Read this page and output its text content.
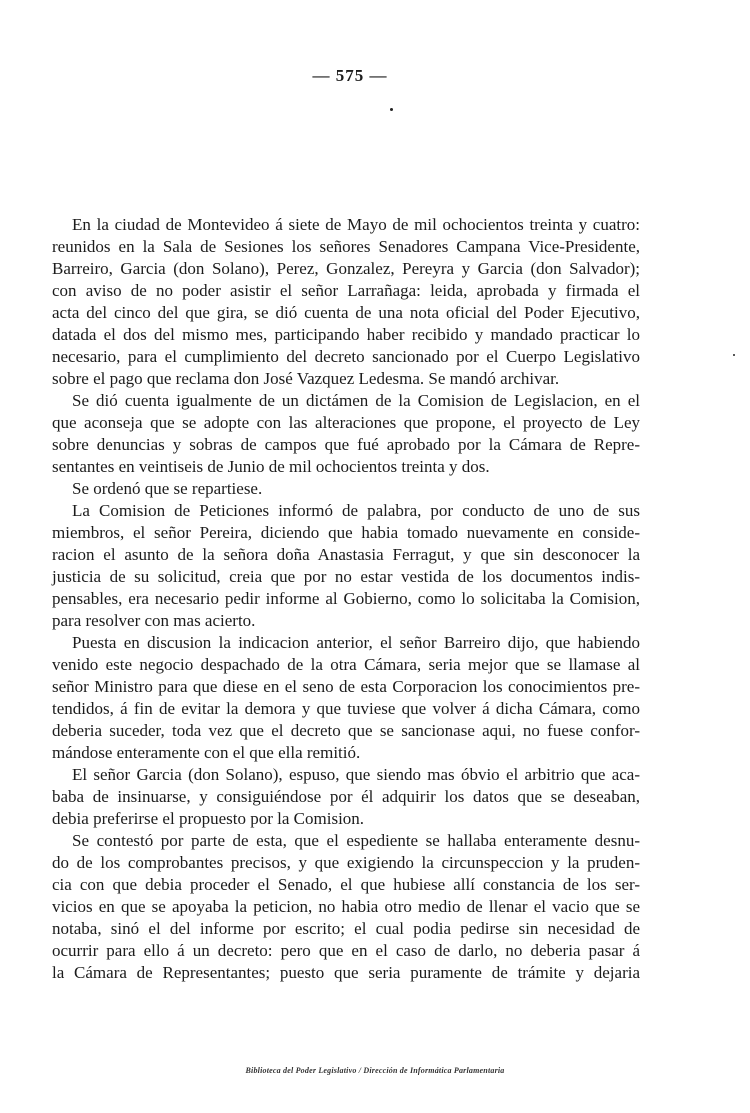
— 575 —
En la ciudad de Montevideo á siete de Mayo de mil ochocientos treinta y cuatro:
reunidos en la Sala de Sesiones los señores Senadores Campana Vice-Presidente,
Barreiro, Garcia (don Solano), Perez, Gonzalez, Pereyra y Garcia (don Salvador);
con aviso de no poder asistir el señor Larrañaga: leida, aprobada y firmada el
acta del cinco del que gira, se dió cuenta de una nota oficial del Poder Ejecutivo,
datada el dos del mismo mes, participando haber recibido y mandado practicar lo
necesario, para el cumplimiento del decreto sancionado por el Cuerpo Legislativo
sobre el pago que reclama don José Vazquez Ledesma. Se mandó archivar.
Se dió cuenta igualmente de un dictámen de la Comision de Legislacion, en el
que aconseja que se adopte con las alteraciones que propone, el proyecto de Ley
sobre denuncias y sobras de campos que fué aprobado por la Cámara de Repre-
sentantes en veintiseis de Junio de mil ochocientos treinta y dos.
Se ordenó que se repartiese.
La Comision de Peticiones informó de palabra, por conducto de uno de sus
miembros, el señor Pereira, diciendo que habia tomado nuevamente en conside-
racion el asunto de la señora doña Anastasia Ferragut, y que sin desconocer la
justicia de su solicitud, creia que por no estar vestida de los documentos indis-
pensables, era necesario pedir informe al Gobierno, como lo solicitaba la Comision,
para resolver con mas acierto.
Puesta en discusion la indicacion anterior, el señor Barreiro dijo, que habiendo
venido este negocio despachado de la otra Cámara, seria mejor que se llamase al
señor Ministro para que diese en el seno de esta Corporacion los conocimientos pre-
tendidos, á fin de evitar la demora y que tuviese que volver á dicha Cámara, como
deberia suceder, toda vez que el decreto que se sancionase aqui, no fuese confor-
mándose enteramente con el que ella remitió.
El señor Garcia (don Solano), espuso, que siendo mas óbvio el arbitrio que aca-
baba de insinuarse, y consiguiéndose por él adquirir los datos que se deseaban,
debia preferirse el propuesto por la Comision.
Se contestó por parte de esta, que el espediente se hallaba enteramente desnu-
do de los comprobantes precisos, y que exigiendo la circunspeccion y la pruden-
cia con que debia proceder el Senado, el que hubiese allí constancia de los ser-
vicios en que se apoyaba la peticion, no habia otro medio de llenar el vacio que se
notaba, sinó el del informe por escrito; el cual podia pedirse sin necesidad de
ocurrir para ello á un decreto: pero que en el caso de darlo, no deberia pasar á
la Cámara de Representantes; puesto que seria puramente de trámite y dejaria
Biblioteca del Poder Legislativo / Dirección de Informática Parlamentaria
